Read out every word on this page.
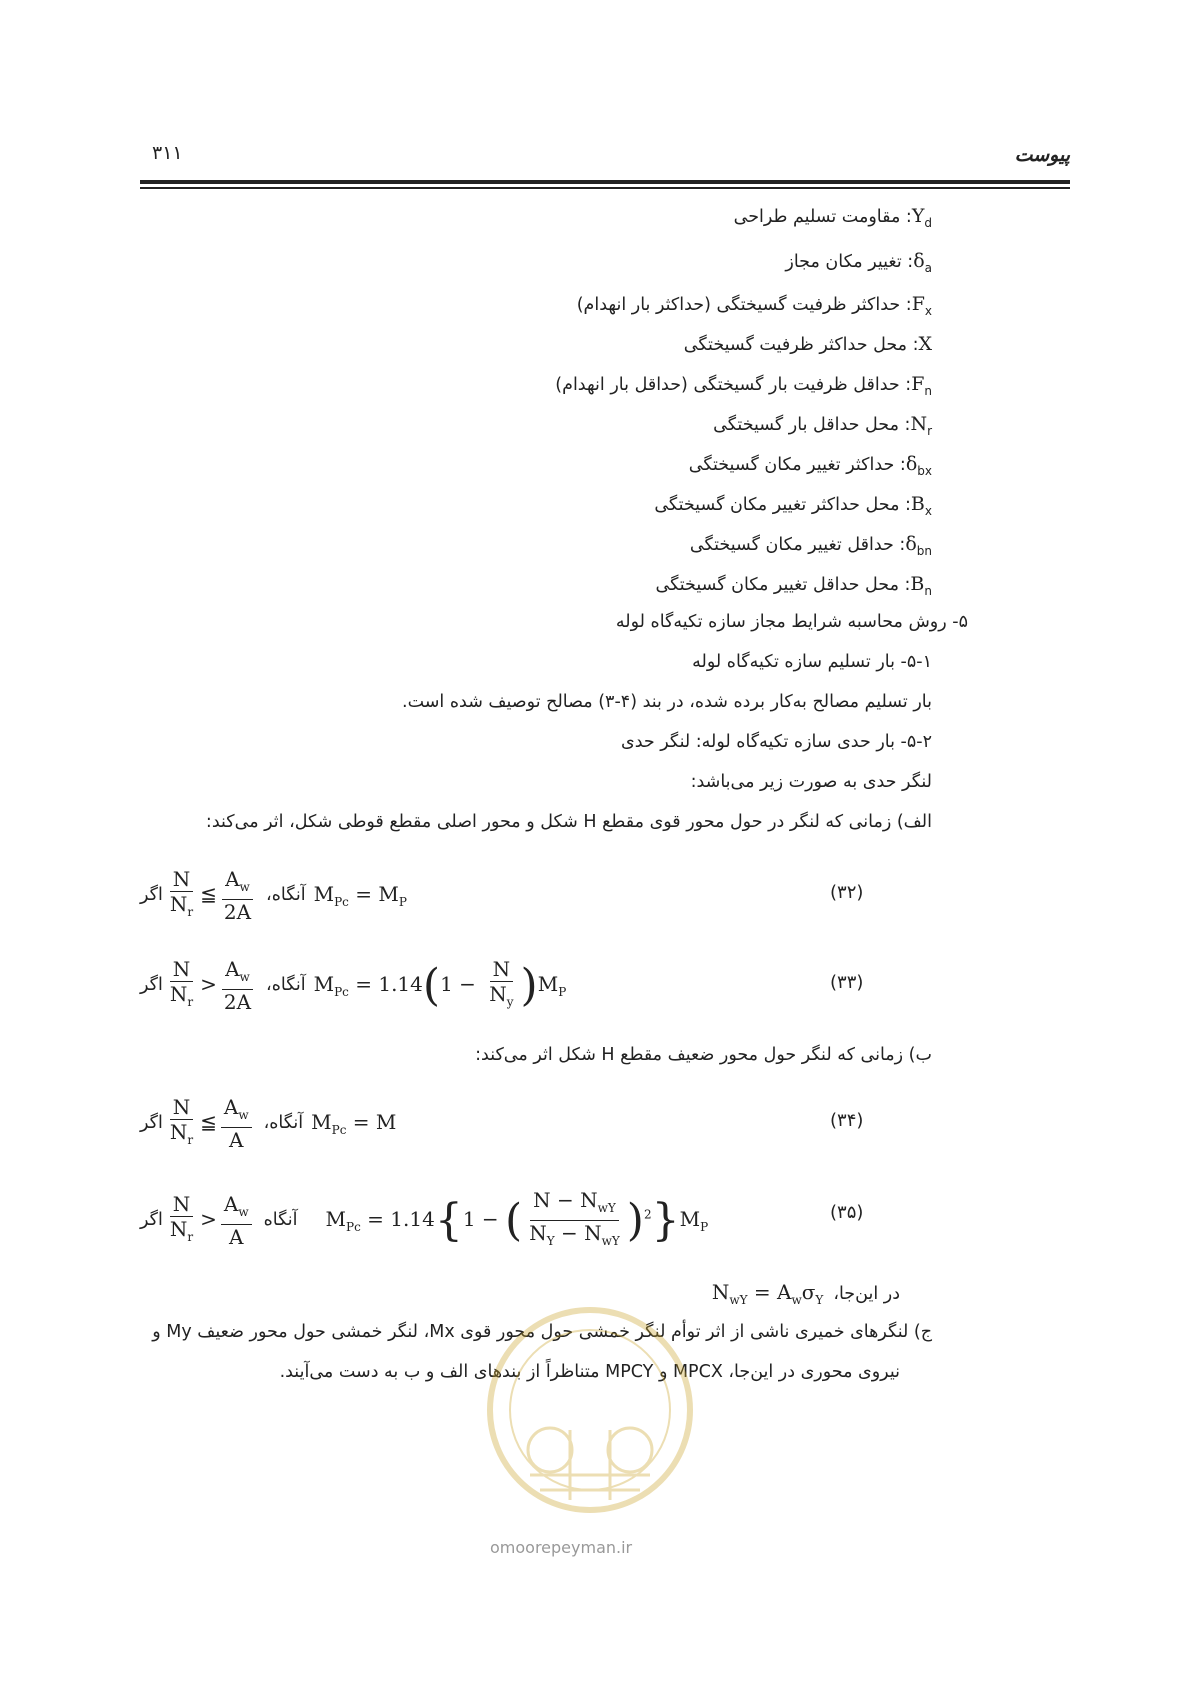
۳۱۱	پیوست
$Y_d$: مقاومت تسلیم طراحی
$\delta_a$: تغییر مکان مجاز
$F_x$: حداکثر ظرفیت گسیختگی (حداکثر بار انهدام)
X: محل حداکثر ظرفیت گسیختگی
$F_n$: حداقل ظرفیت بار گسیختگی (حداقل بار انهدام)
$N_r$: محل حداقل بار گسیختگی
$\delta_{bx}$: حداکثر تغییر مکان گسیختگی
$B_x$: محل حداکثر تغییر مکان گسیختگی
$\delta_{bn}$: حداقل تغییر مکان گسیختگی
$B_n$: محل حداقل تغییر مکان گسیختگی
۵- روش محاسبه شرایط مجاز سازه تکیه‌گاه لوله
۵-۱- بار تسلیم سازه تکیه‌گاه لوله
بار تسلیم مصالح به‌کار برده شده، در بند (۴-۳) مصالح توصیف شده است.
۵-۲- بار حدی سازه تکیه‌گاه لوله: لنگر حدی
لنگر حدی به صورت زیر می‌باشد:
الف) زمانی که لنگر در حول محور قوی مقطع H شکل و محور اصلی مقطع قوطی شکل، اثر می‌کند:
(۳۲)
اگر $\frac{N}{N_r}$ ≦ $\frac{A_w}{2A}$ آنگاه، $M_{Pc} = M_P$
(۳۳)
اگر $\frac{N}{N_r} > \frac{A_w}{2A}$ آنگاه، $M_{Pc} = 1.14(1 - \frac{N}{N_y} )M_P$
ب) زمانی که لنگر حول محور ضعیف مقطع H شکل اثر می‌کند:
(۳۴)
اگر $\frac{N}{N_r}$ ≦ $\frac{A_w}{A}$ آنگاه، $M_{Pc} = M$
(۳۵)
اگر $\frac{N}{N_r} > \frac{A_w}{A}$ آنگاه $M_{Pc} = 1.14\{1$ − ( $N - N_{wY}$
$N_Y - N_{wY}$ )$^2\}M_P$
در این‌جا،
$N_{wY} = A_w\sigma_Y$
ج) لنگرهای خمیری ناشی از اثر توأم لنگر خمشی حول محور قوی Mx، لنگر خمشی حول محور ضعیف My و
نیروی محوری در این‌جا، MPCX و MPCY متناظراً از بندهای الف و ب به دست می‌آیند.
omoorepeyman.ir
